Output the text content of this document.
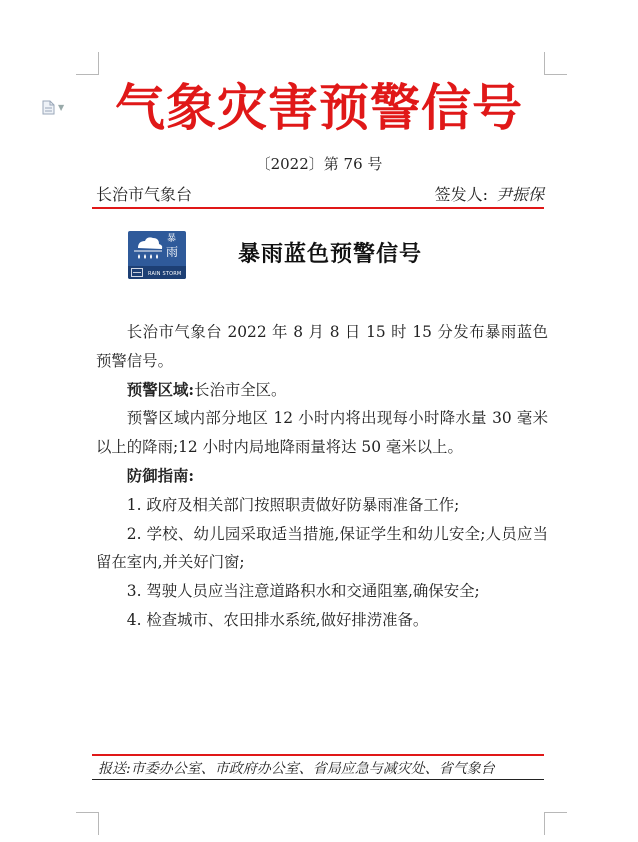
▼	气象灾害预警信号
〔2022〕第 76 号
长治市气象台	签发人: 尹振保
暴
雨
RAIN STORM
暴雨蓝色预警信号

长治市气象台 2022 年 8 月 8 日 15 时 15 分发布暴雨蓝色预警信号。

预警区域:长治市全区。

预警区域内部分地区 12 小时内将出现每小时降水量 30 毫米以上的降雨;12 小时内局地降雨量将达 50 毫米以上。

防御指南:

1. 政府及相关部门按照职责做好防暴雨准备工作;

2. 学校、幼儿园采取适当措施,保证学生和幼儿安全;人员应当留在室内,并关好门窗;

3. 驾驶人员应当注意道路积水和交通阻塞,确保安全;

4. 检查城市、农田排水系统,做好排涝准备。

报送:市委办公室、市政府办公室、省局应急与减灾处、省气象台
